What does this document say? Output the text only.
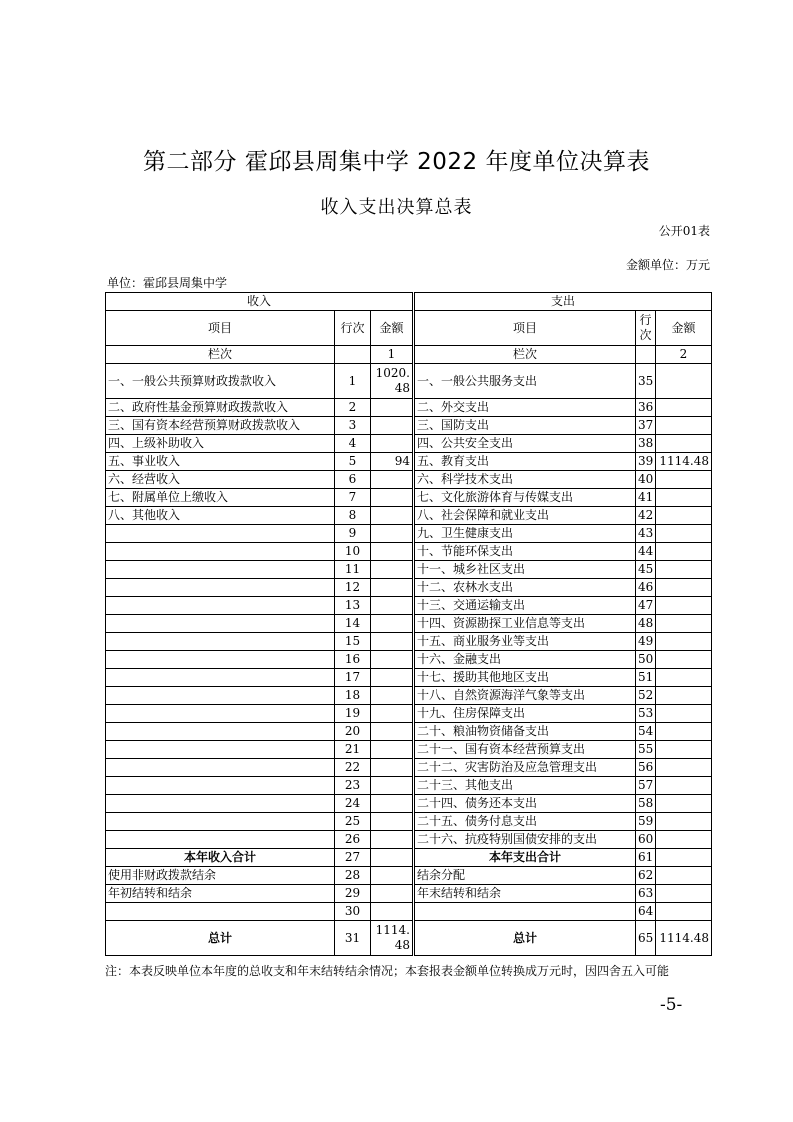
第二部分 霍邱县周集中学 2022 年度单位决算表
收入支出决算总表
公开01表
金额单位：万元
单位：霍邱县周集中学
收入				支出		
项目	行次	金额		项目	行次	金额
栏次		1		栏次		2
一、一般公共预算财政拨款收入	1	1020.48		一、一般公共服务支出	35	
二、政府性基金预算财政拨款收入	2			二、外交支出	36	
三、国有资本经营预算财政拨款收入	3			三、国防支出	37	
四、上级补助收入	4			四、公共安全支出	38	
五、事业收入	5	94		五、教育支出	39	1114.48
六、经营收入	6			六、科学技术支出	40	
七、附属单位上缴收入	7			七、文化旅游体育与传媒支出	41	
八、其他收入	8			八、社会保障和就业支出	42	
	9			九、卫生健康支出	43	
	10			十、节能环保支出	44	
	11			十一、城乡社区支出	45	
	12			十二、农林水支出	46	
	13			十三、交通运输支出	47	
	14			十四、资源勘探工业信息等支出	48	
	15			十五、商业服务业等支出	49	
	16			十六、金融支出	50	
	17			十七、援助其他地区支出	51	
	18			十八、自然资源海洋气象等支出	52	
	19			十九、住房保障支出	53	
	20			二十、粮油物资储备支出	54	
	21			二十一、国有资本经营预算支出	55	
	22			二十二、灾害防治及应急管理支出	56	
	23			二十三、其他支出	57	
	24			二十四、债务还本支出	58	
	25			二十五、债务付息支出	59	
	26			二十六、抗疫特别国债安排的支出	60	
本年收入合计	27			本年支出合计	61	
使用非财政拨款结余	28			结余分配	62	
年初结转和结余	29			年末结转和结余	63	
	30				64	
总计	31	1114.48		总计	65	1114.48
注：本表反映单位本年度的总收支和年末结转结余情况；本套报表金额单位转换成万元时，因四舍五入可能
-5-
